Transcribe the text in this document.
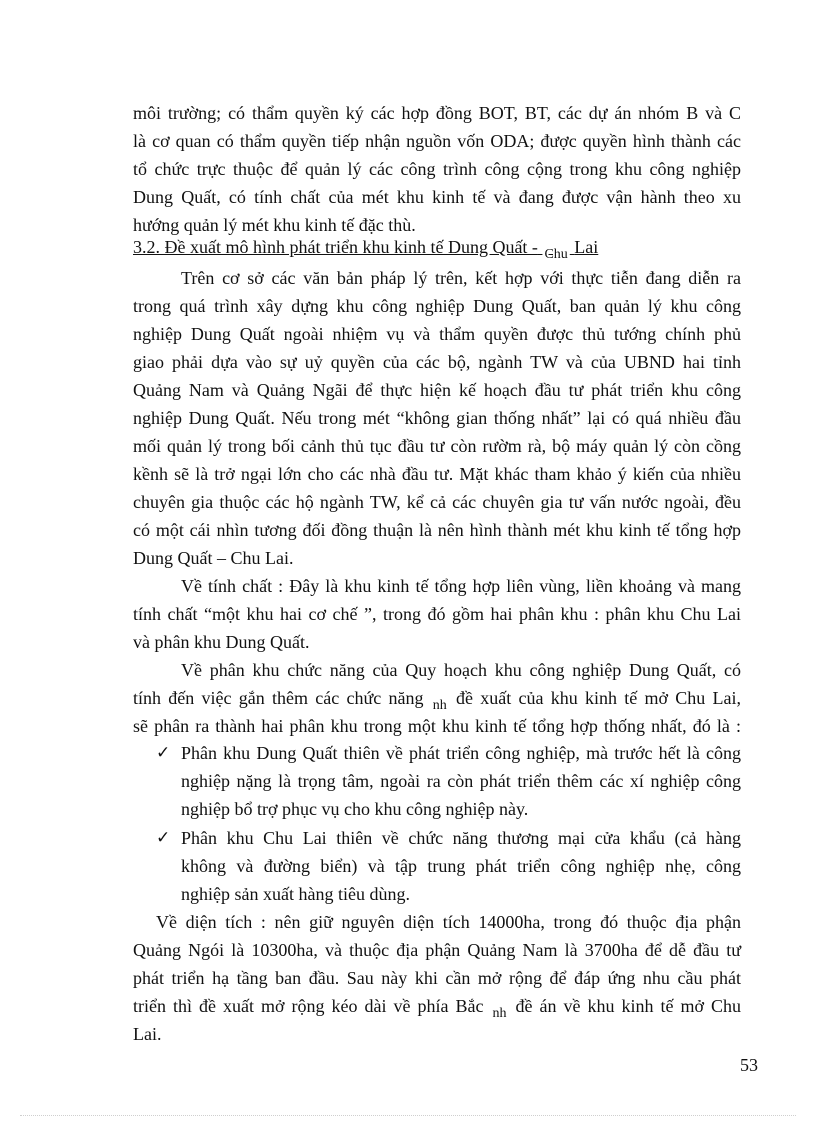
môi trường; có thẩm quyền ký các hợp đồng BOT, BT, các dự án nhóm B và C
là cơ quan có thẩm quyền tiếp nhận nguồn vốn ODA; được quyền hình thành các
tổ chức trực thuộc để quản lý các công trình công cộng trong khu công nghiệp
Dung Quất, có tính chất của mét khu kinh tế và đang được vận hành theo xu
hướng quản lý mét khu kinh tế đặc thù.
3.2. Đề xuất mô hình phát triển khu kinh tế Dung Quất - $_{Chu}$ Lai
Trên cơ sở các văn bản pháp lý trên, kết hợp với thực tiễn đang diễn ra
trong quá trình xây dựng khu công nghiệp Dung Quất, ban quản lý khu công
nghiệp Dung Quất ngoài nhiệm vụ và thẩm quyền được thủ tướng chính phủ
giao phải dựa vào sự uỷ quyền của các bộ, ngành TW và của UBND hai tỉnh
Quảng Nam và Quảng Ngãi để thực hiện kế hoạch đầu tư phát triển khu công
nghiệp Dung Quất. Nếu trong mét “không gian thống nhất” lại có quá nhiều đầu
mối quản lý trong bối cảnh thủ tục đầu tư còn rườm rà, bộ máy quản lý còn cồng
kềnh sẽ là trở ngại lớn cho các nhà đầu tư. Mặt khác tham khảo ý kiến của nhiều
chuyên gia thuộc các hộ ngành TW, kể cả các chuyên gia tư vấn nước ngoài, đều
có một cái nhìn tương đối đồng thuận là nên hình thành mét khu kinh tế tổng hợp
Dung Quất – Chu Lai.
Về tính chất : Đây là khu kinh tế tổng hợp liên vùng, liền khoảng và mang
tính chất “một khu hai cơ chế ”, trong đó gồm hai phân khu : phân khu Chu Lai
và phân khu Dung Quất.
Về phân khu chức năng của Quy hoạch khu công nghiệp Dung Quất, có
tính đến việc gắn thêm các chức năng $_{nh}$ đề xuất của khu kinh tế mở Chu Lai,
sẽ phân ra thành hai phân khu trong một khu kinh tế tổng hợp thống nhất, đó là :
✓ Phân khu Dung Quất thiên về phát triển công nghiệp, mà trước hết là công
nghiệp nặng là trọng tâm, ngoài ra còn phát triển thêm các xí nghiệp công
nghiệp bổ trợ phục vụ cho khu công nghiệp này.
✓ Phân khu Chu Lai thiên về chức năng thương mại cửa khẩu (cả hàng
không và đường biển) và tập trung phát triển công nghiệp nhẹ, công
nghiệp sản xuất hàng tiêu dùng.
Về diện tích : nên giữ nguyên diện tích 14000ha, trong đó thuộc địa phận
Quảng Ngói là 10300ha, và thuộc địa phận Quảng Nam là 3700ha để dễ đầu tư
phát triển hạ tầng ban đầu. Sau này khi cần mở rộng để đáp ứng nhu cầu phát
triển thì đề xuất mở rộng kéo dài về phía Bắc $_{nh}$ đề án về khu kinh tế mở Chu
Lai.
53
